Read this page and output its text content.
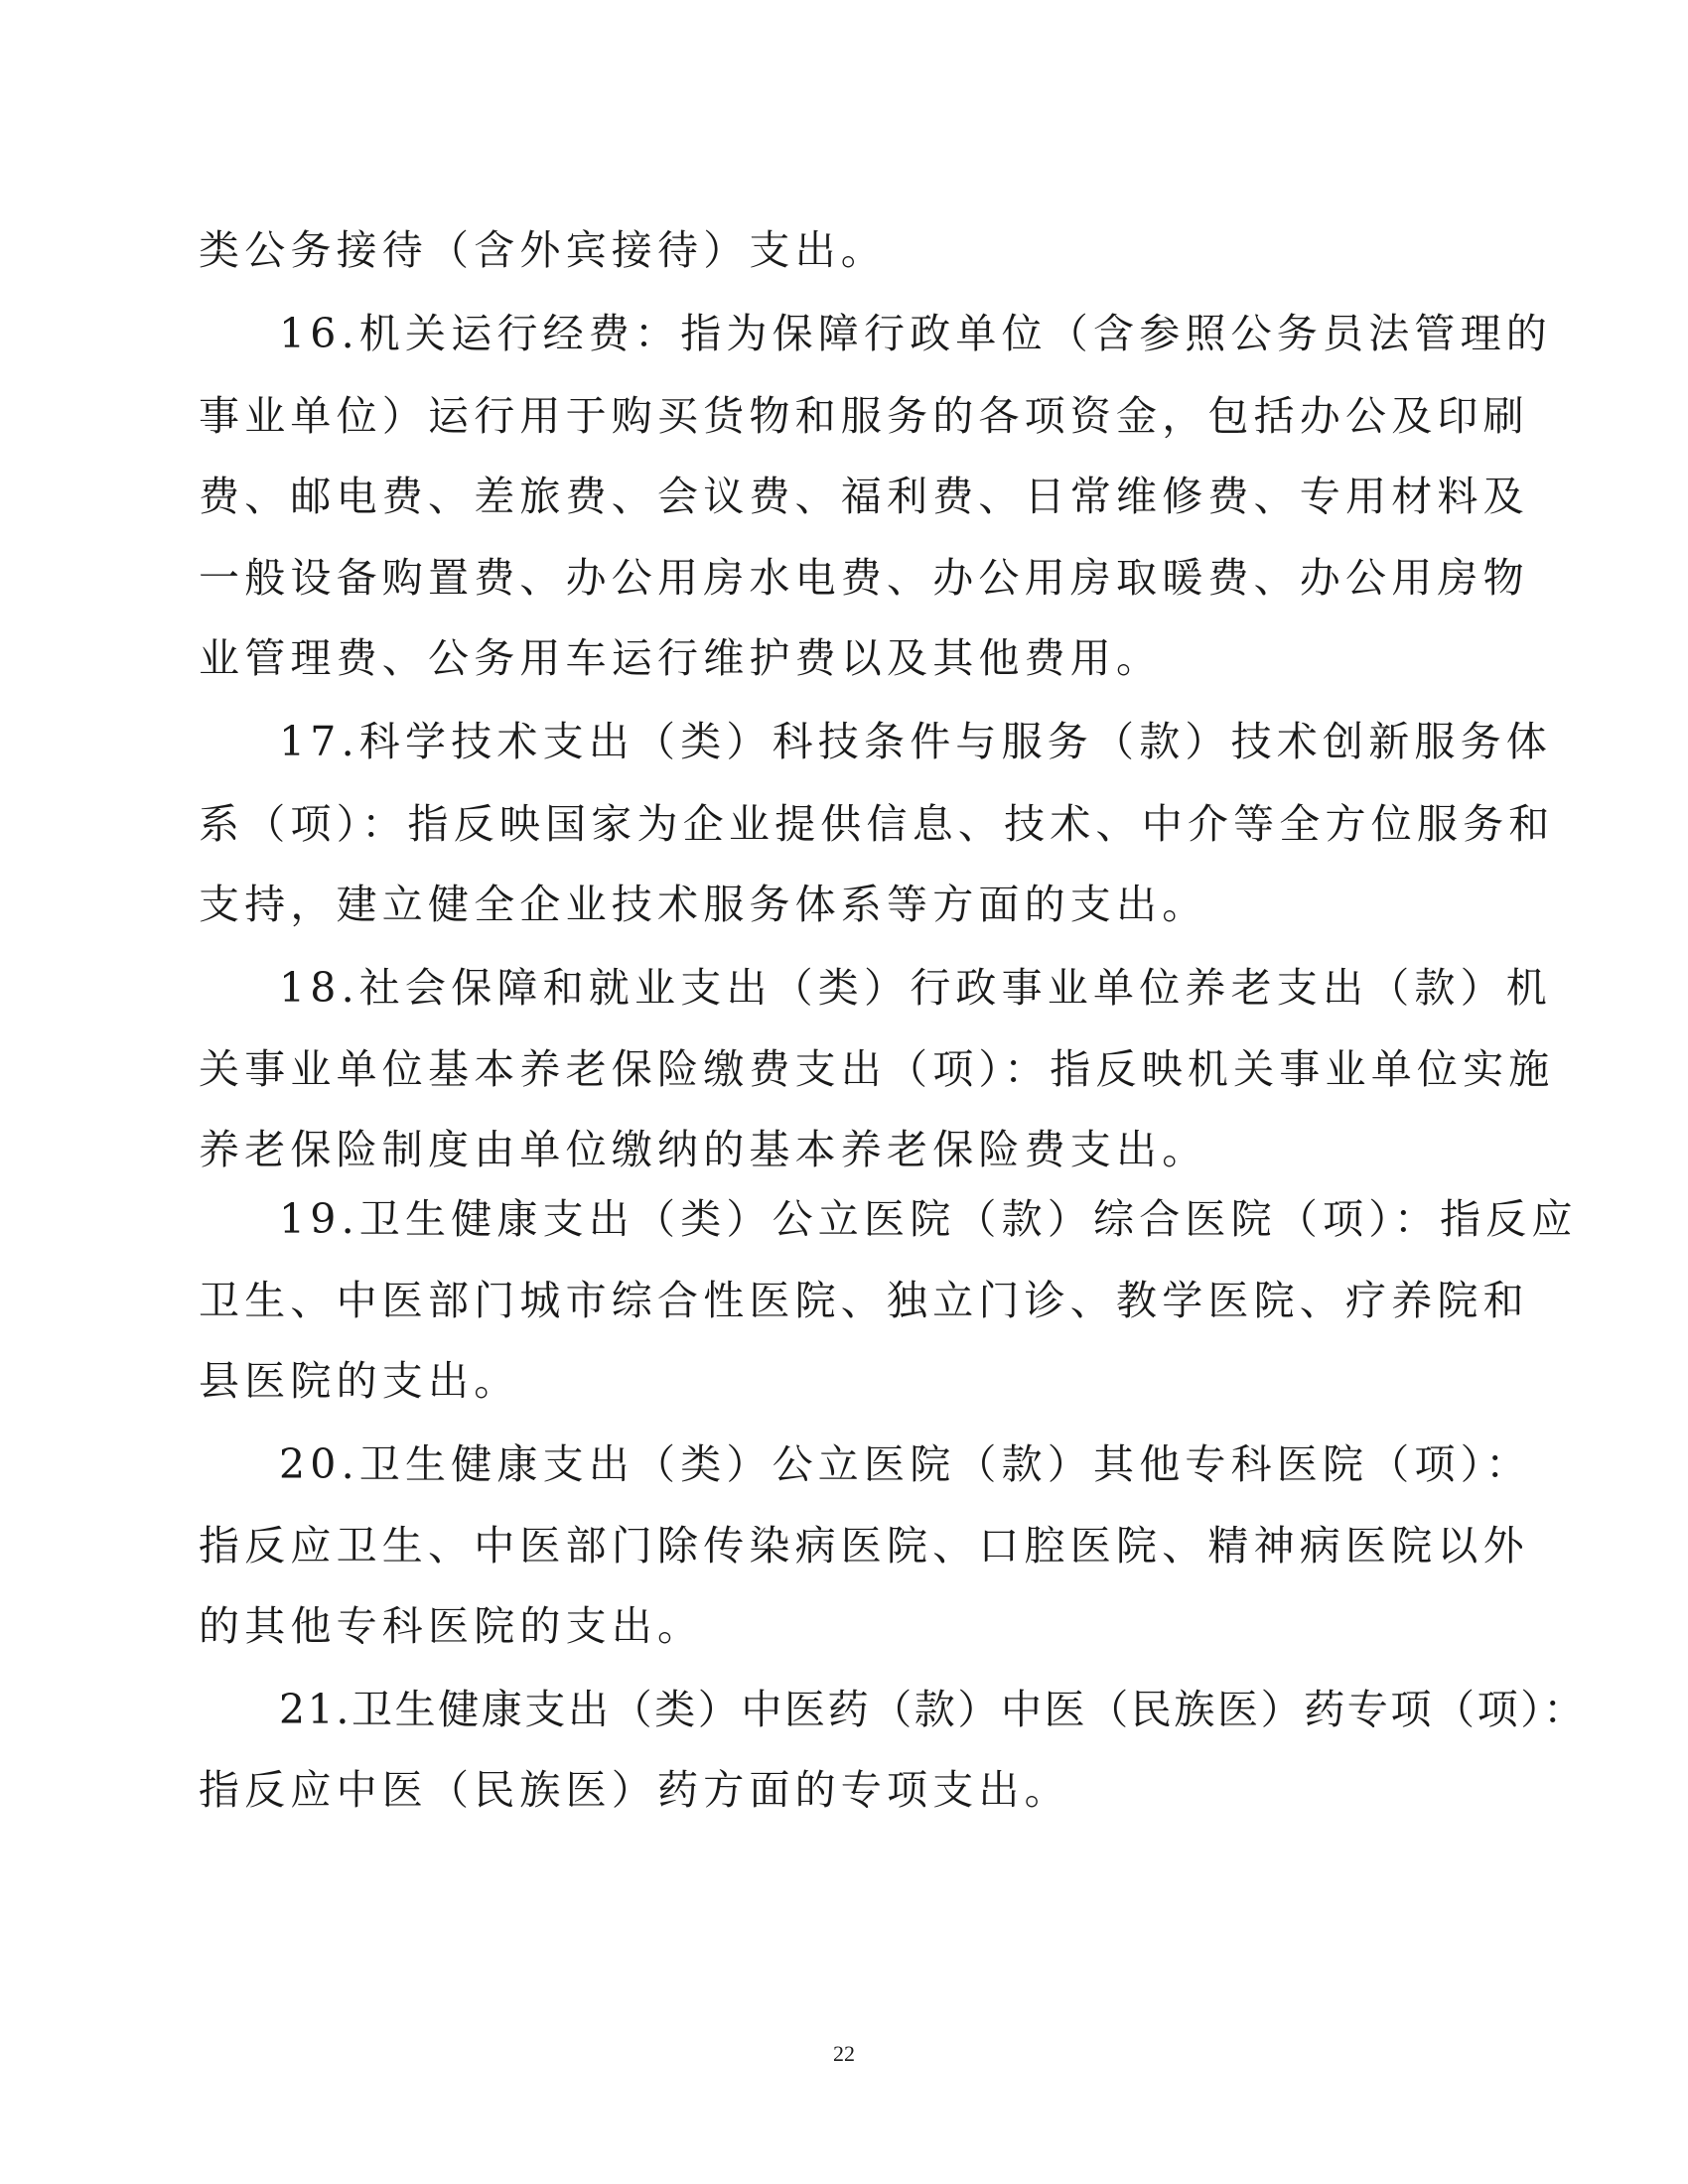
类公务接待（含外宾接待）支出。
16.机关运行经费：指为保障行政单位（含参照公务员法管理的
事业单位）运行用于购买货物和服务的各项资金，包括办公及印刷
费、邮电费、差旅费、会议费、福利费、日常维修费、专用材料及
一般设备购置费、办公用房水电费、办公用房取暖费、办公用房物
业管理费、公务用车运行维护费以及其他费用。
17.科学技术支出（类）科技条件与服务（款）技术创新服务体
系（项）：指反映国家为企业提供信息、技术、中介等全方位服务和
支持，建立健全企业技术服务体系等方面的支出。
18.社会保障和就业支出（类）行政事业单位养老支出（款）机
关事业单位基本养老保险缴费支出（项）：指反映机关事业单位实施
养老保险制度由单位缴纳的基本养老保险费支出。
19.卫生健康支出（类）公立医院（款）综合医院（项）：指反应
卫生、中医部门城市综合性医院、独立门诊、教学医院、疗养院和
县医院的支出。
20.卫生健康支出（类）公立医院（款）其他专科医院（项）：
指反应卫生、中医部门除传染病医院、口腔医院、精神病医院以外
的其他专科医院的支出。
21.卫生健康支出（类）中医药（款）中医（民族医）药专项（项）：
指反应中医（民族医）药方面的专项支出。
22
